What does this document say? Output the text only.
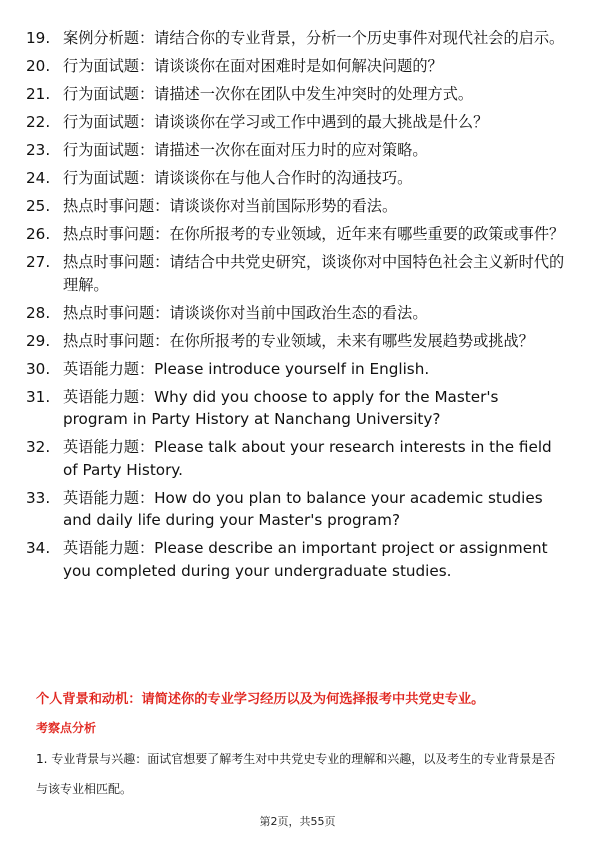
19. 案例分析题：请结合你的专业背景，分析一个历史事件对现代社会的启示。
20. 行为面试题：请谈谈你在面对困难时是如何解决问题的？
21. 行为面试题：请描述一次你在团队中发生冲突时的处理方式。
22. 行为面试题：请谈谈你在学习或工作中遇到的最大挑战是什么？
23. 行为面试题：请描述一次你在面对压力时的应对策略。
24. 行为面试题：请谈谈你在与他人合作时的沟通技巧。
25. 热点时事问题：请谈谈你对当前国际形势的看法。
26. 热点时事问题：在你所报考的专业领域，近年来有哪些重要的政策或事件？
27. 热点时事问题：请结合中共党史研究，谈谈你对中国特色社会主义新时代的理解。
28. 热点时事问题：请谈谈你对当前中国政治生态的看法。
29. 热点时事问题：在你所报考的专业领域，未来有哪些发展趋势或挑战？
30. 英语能力题：Please introduce yourself in English.
31. 英语能力题：Why did you choose to apply for the Master's program in Party History at Nanchang University?
32. 英语能力题：Please talk about your research interests in the field of Party History.
33. 英语能力题：How do you plan to balance your academic studies and daily life during your Master's program?
34. 英语能力题：Please describe an important project or assignment you completed during your undergraduate studies.
个人背景和动机：请简述你的专业学习经历以及为何选择报考中共党史专业。
考察点分析
1. 专业背景与兴趣：面试官想要了解考生对中共党史专业的理解和兴趣，以及考生的专业背景是否与该专业相匹配。
第2页，共55页
